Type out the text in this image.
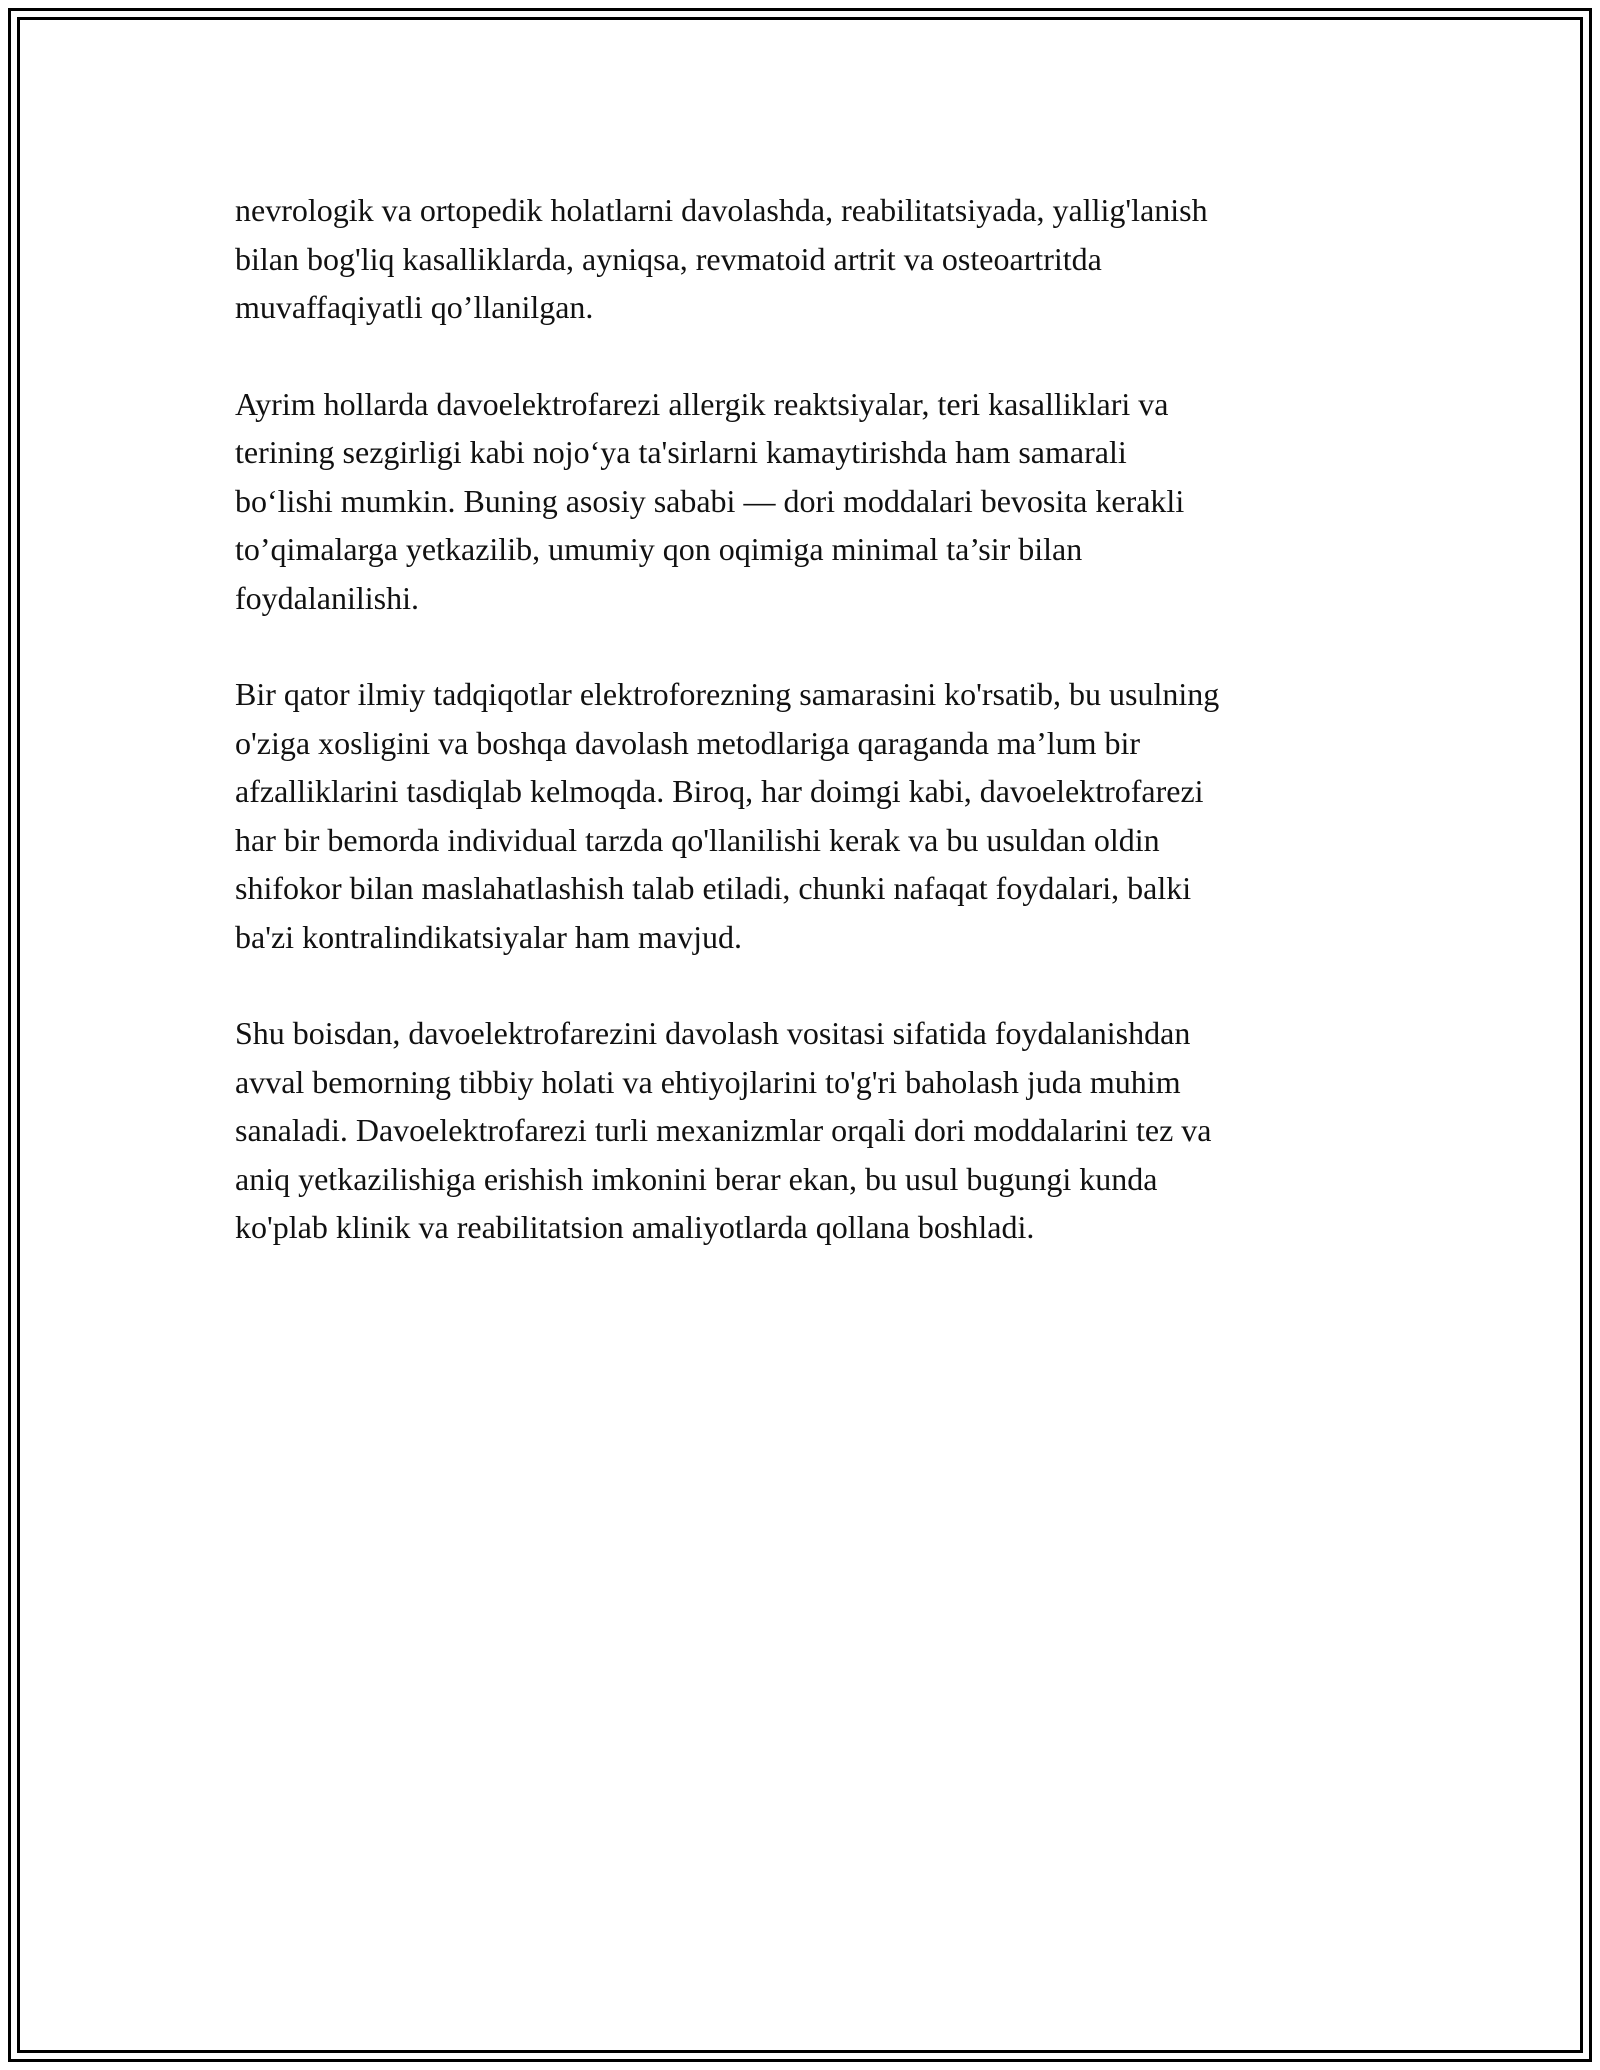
nevrologik va ortopedik holatlarni davolashda, reabilitatsiyada, yallig'lanish
bilan bog'liq kasalliklarda, ayniqsa, revmatoid artrit va osteoartritda
muvaffaqiyatli qo’llanilgan.

Ayrim hollarda davoelektrofarezi allergik reaktsiyalar, teri kasalliklari va
terining sezgirligi kabi nojo‘ya ta'sirlarni kamaytirishda ham samarali
bo‘lishi mumkin. Buning asosiy sababi — dori moddalari bevosita kerakli
to’qimalarga yetkazilib, umumiy qon oqimiga minimal ta’sir bilan
foydalanilishi.

Bir qator ilmiy tadqiqotlar elektroforezning samarasini ko'rsatib, bu usulning
o'ziga xosligini va boshqa davolash metodlariga qaraganda ma’lum bir
afzalliklarini tasdiqlab kelmoqda. Biroq, har doimgi kabi, davoelektrofarezi
har bir bemorda individual tarzda qo'llanilishi kerak va bu usuldan oldin
shifokor bilan maslahatlashish talab etiladi, chunki nafaqat foydalari, balki
ba'zi kontralindikatsiyalar ham mavjud.

Shu boisdan, davoelektrofarezini davolash vositasi sifatida foydalanishdan
avval bemorning tibbiy holati va ehtiyojlarini to'g'ri baholash juda muhim
sanaladi. Davoelektrofarezi turli mexanizmlar orqali dori moddalarini tez va
aniq yetkazilishiga erishish imkonini berar ekan, bu usul bugungi kunda
ko'plab klinik va reabilitatsion amaliyotlarda qollana boshladi.
